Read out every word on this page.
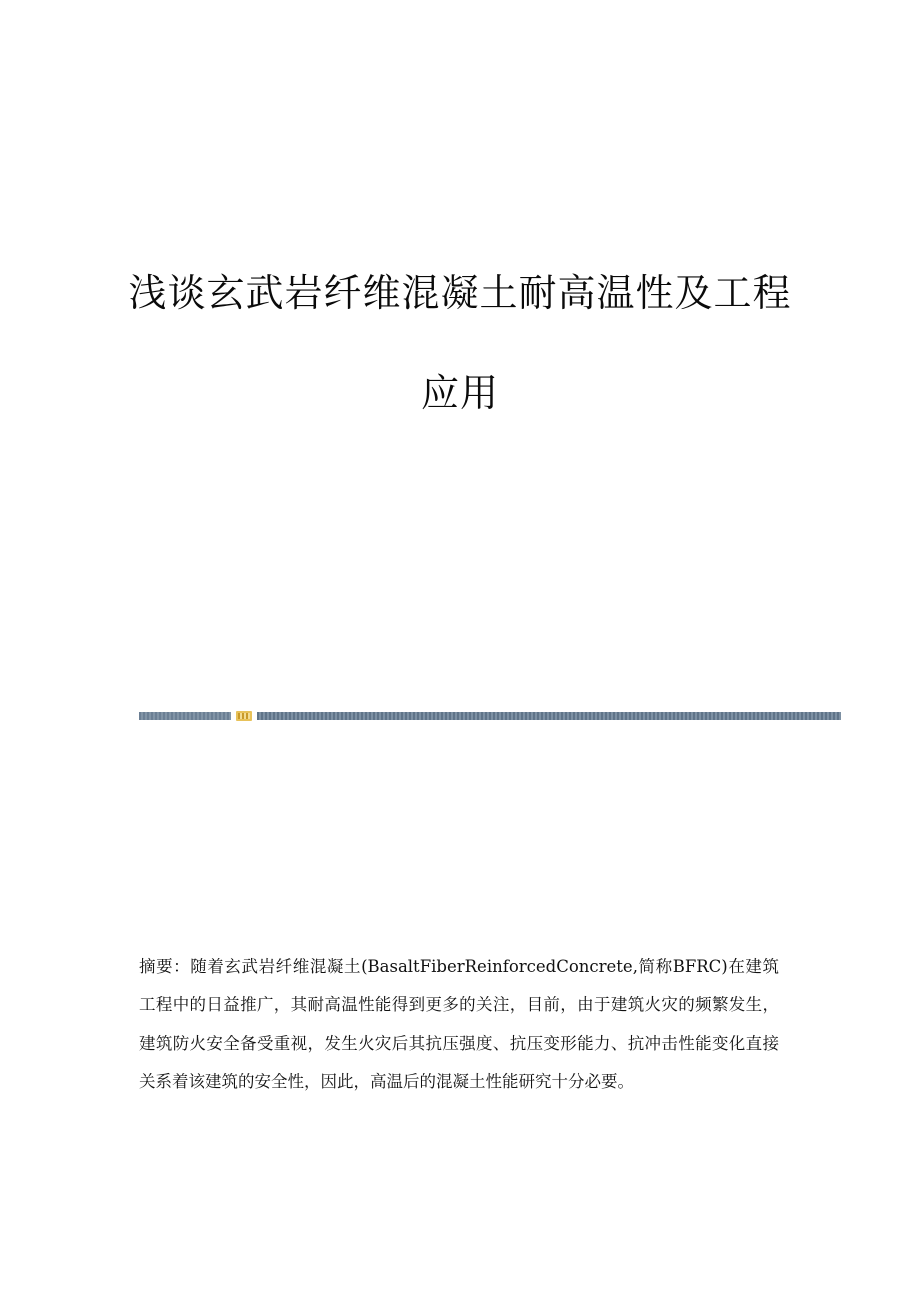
浅谈玄武岩纤维混凝土耐高温性及工程
应用
摘要：随着玄武岩纤维混凝土(BasaltFiberReinforcedConcrete,简称BFRC)在建筑工程中的日益推广，其耐高温性能得到更多的关注，目前，由于建筑火灾的频繁发生，建筑防火安全备受重视，发生火灾后其抗压强度、抗压变形能力、抗冲击性能变化直接关系着该建筑的安全性，因此，高温后的混凝土性能研究十分必要。
